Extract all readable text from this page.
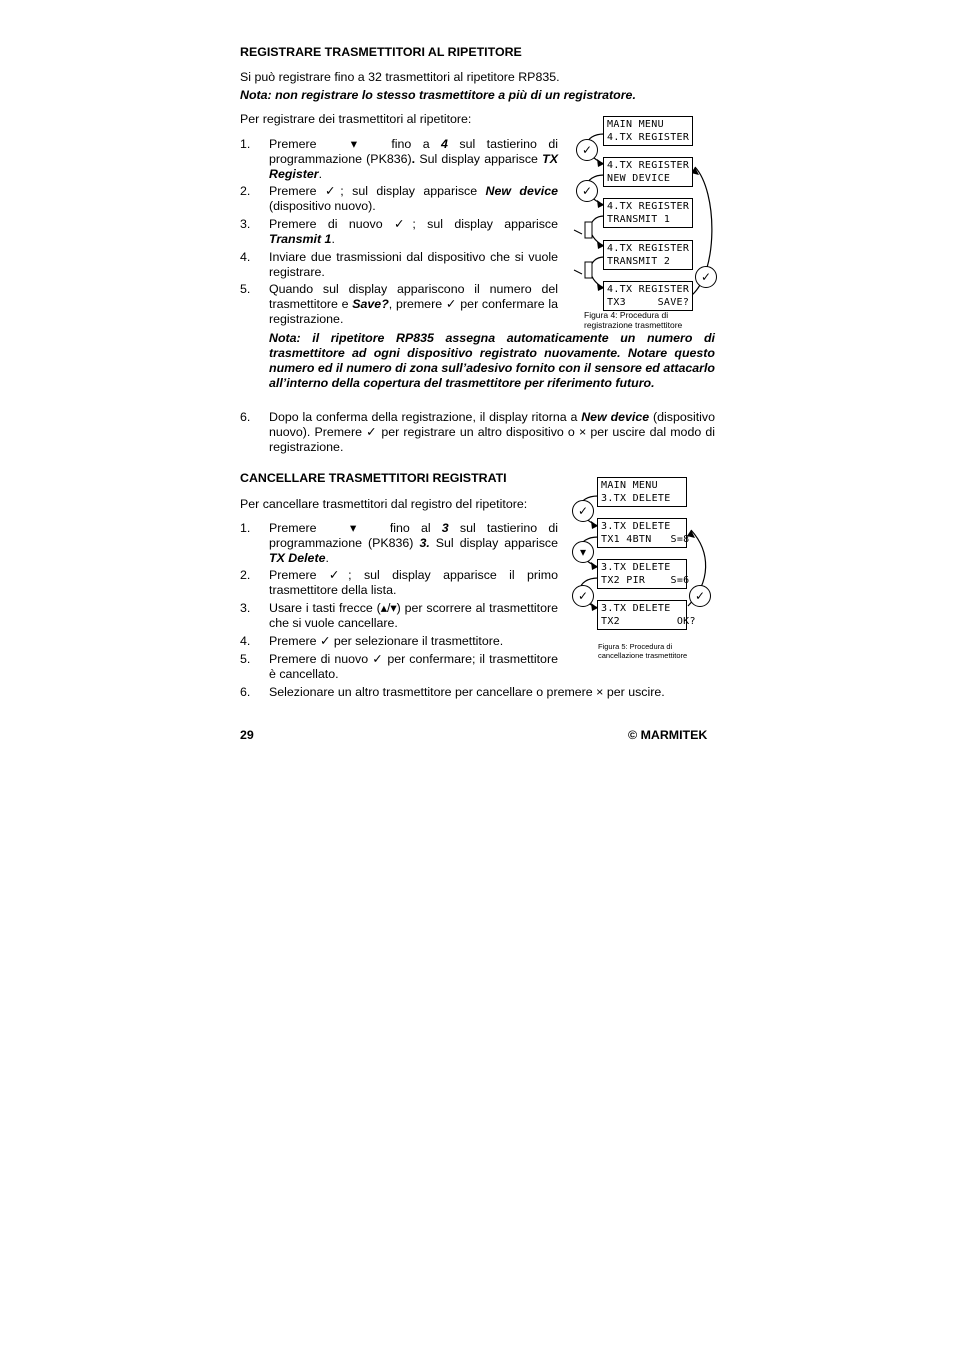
REGISTRARE TRASMETTITORI AL RIPETITORE
Si può registrare fino a 32 trasmettitori al ripetitore RP835.
Nota: non registrare lo stesso trasmettitore a più di un registratore.
Per registrare dei trasmettitori al ripetitore:
1.	Premere	▾	fino a 4 sul tastierino di programmazione (PK836). Sul display apparisce TX Register.
2.	Premere ✓; sul display apparisce New device (dispositivo nuovo).
3.	Premere di nuovo ✓; sul display apparisce Transmit 1.
4.	Inviare due trasmissioni dal dispositivo che si vuole registrare.
5.	Quando sul display appariscono il numero del trasmettitore e Save?, premere ✓ per confermare la registrazione.
Nota: il ripetitore RP835 assegna automaticamente un numero di trasmettitore ad ogni dispositivo registrato nuovamente. Notare questo numero ed il numero di zona sull’adesivo fornito con il sensore ed attacarlo all’interno della copertura del trasmettitore per riferimento futuro.
6.	Dopo la conferma della registrazione, il display ritorna a New device (dispositivo nuovo). Premere ✓ per registrare un altro dispositivo o × per uscire dal modo di registrazione.
✓
✓
✓
MAIN MENU
4.TX REGISTER
4.TX REGISTER
NEW DEVICE
4.TX REGISTER
TRANSMIT 1
4.TX REGISTER
TRANSMIT 2
4.TX REGISTER
TX3     SAVE?
Figura 4: Procedura di registrazione trasmettitore
CANCELLARE TRASMETTITORI REGISTRATI
Per cancellare trasmettitori dal registro del ripetitore:
1.	Premere	▾	fino al 3 sul tastierino di programmazione (PK836) 3. Sul display apparisce TX Delete.
2.	Premere ✓; sul display apparisce il primo trasmettitore della lista.
3.	Usare i tasti frecce (▴/▾) per scorrere al trasmettitore che si vuole cancellare.
4.	Premere ✓ per selezionare il trasmettitore.
5.	Premere di nuovo ✓ per confermare; il trasmettitore è cancellato.
6.	Selezionare un altro trasmettitore per cancellare o premere × per uscire.
✓
▾
✓	✓
MAIN MENU
3.TX DELETE
3.TX DELETE
TX1 4BTN   S=8
3.TX DELETE
TX2 PIR    S=6
3.TX DELETE
TX2         OK?
Figura 5: Procedura di cancellazione trasmettitore
29	© MARMITEK
